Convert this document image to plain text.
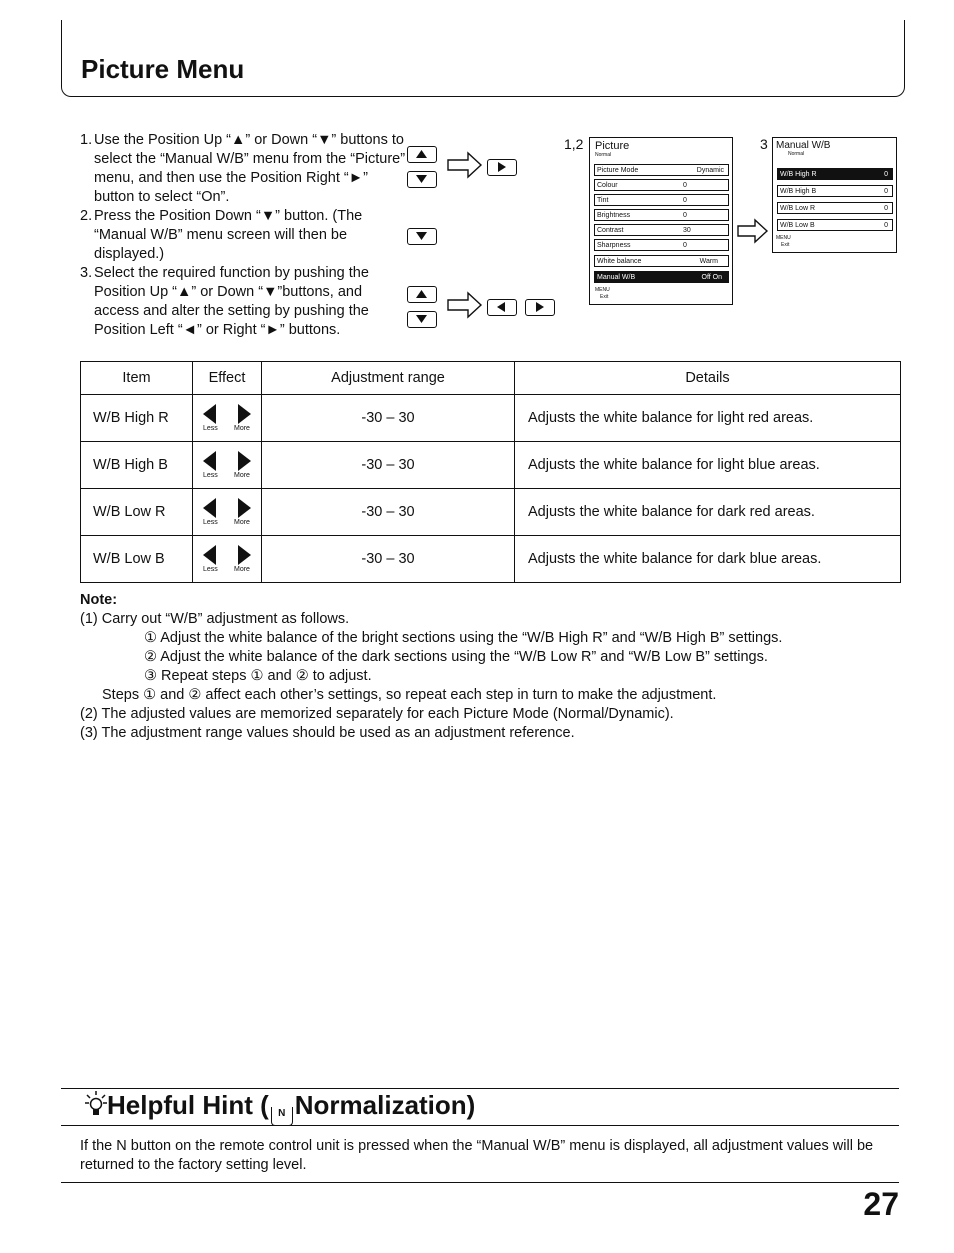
Picture Menu
1. Use the Position Up “▲” or Down “▼” buttons to select the “Manual W/B” menu from the “Picture” menu, and then use the Position Right “►” button to select “On”.

2. Press the Position Down “▼” button. (The “Manual W/B” menu screen will then be displayed.)

3. Select the required function by pushing the Position Up “▲” or Down “▼”buttons, and access and alter the setting by pushing the Position Left “◄” or Right “►” buttons.

1,2 Picture
Normal
Picture Mode	Dynamic
Colour	0
Tint	0
Brightness	0
Contrast	30
Sharpness	0
White balance	Warm
Manual W/B	Off On
MENU
Exit
3 Manual W/B
Normal
W/B High R	0
W/B High B	0
W/B Low R	0
W/B Low B	0
MENU
Exit
Item	Effect	Adjustment range	Details
W/B High R	Less More	-30 – 30	Adjusts the white balance for light red areas.
W/B High B	Less More	-30 – 30	Adjusts the white balance for light blue areas.
W/B Low R	Less More	-30 – 30	Adjusts the white balance for dark red areas.
W/B Low B	Less More	-30 – 30	Adjusts the white balance for dark blue areas.

Note:

(1) Carry out “W/B” adjustment as follows.

① Adjust the white balance of the bright sections using the “W/B High R” and “W/B High B” settings.

② Adjust the white balance of the dark sections using the “W/B Low R” and “W/B Low B” settings.

③ Repeat steps ① and ② to adjust.

Steps ① and ② affect each other’s settings, so repeat each step in turn to make the adjustment.

(2) The adjusted values are memorized separately for each Picture Mode (Normal/Dynamic).

(3) The adjustment range values should be used as an adjustment reference.

Helpful Hint ( N Normalization)
If the N button on the remote control unit is pressed when the “Manual W/B” menu is displayed, all adjustment values will be returned to the factory setting level.
27
